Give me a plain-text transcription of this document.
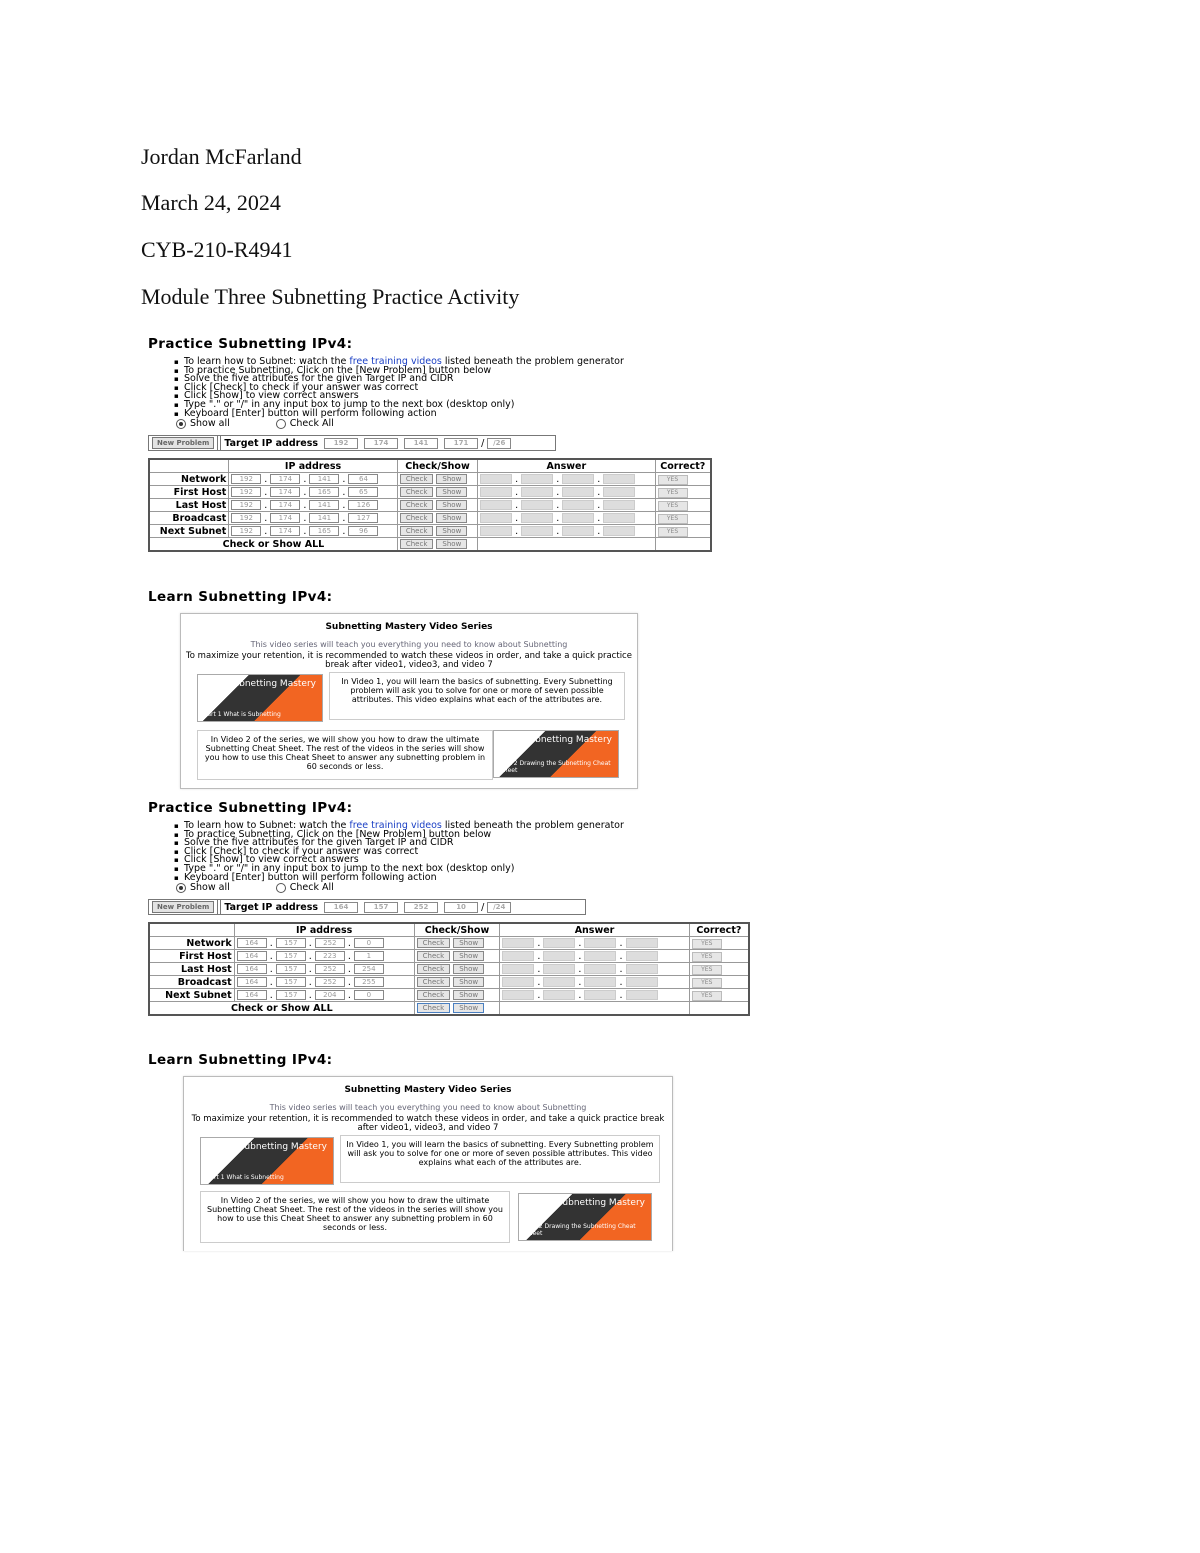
Jordan McFarland
March 24, 2024
CYB-210-R4941
Module Three Subnetting Practice Activity
Practice Subnetting IPv4:
▪ To learn how to Subnet: watch the free training videos listed beneath the problem generator
▪ To practice Subnetting, Click on the [New Problem] button below
▪ Solve the five attributes for the given Target IP and CIDR
▪ Click [Check] to check if your answer was correct
▪ Click [Show] to view correct answers
▪ Type "." or "/" in any input box to jump to the next box (desktop only)
▪ Keyboard [Enter] button will perform following action
Show all	Check All
New Problem	Target IP address	192	174	141	171	/	/26
	IP address	Check/Show	Answer	Correct?
Network	192 . 174 . 141 . 64	Check Show	. . .	YES
First Host	192 . 174 . 165 . 65	Check Show	. . .	YES
Last Host	192 . 174 . 141 . 126	Check Show	. . .	YES
Broadcast	192 . 174 . 141 . 127	Check Show	. . .	YES
Next Subnet	192 . 174 . 165 . 96	Check Show	. . .	YES
Check or Show ALL		Check Show		
Learn Subnetting IPv4:
Subnetting Mastery Video Series
This video series will teach you everything you need to know about Subnetting
To maximize your retention, it is recommended to watch these videos in order, and take a quick practice break after video1, video3, and video 7
Subnetting Mastery
Part 1 What is Subnetting
In Video 1, you will learn the basics of subnetting. Every Subnetting problem will ask you to solve for one or more of seven possible attributes. This video explains what each of the attributes are.
In Video 2 of the series, we will show you how to draw the ultimate Subnetting Cheat Sheet. The rest of the videos in the series will show you how to use this Cheat Sheet to answer any subnetting problem in 60 seconds or less.
Subnetting Mastery
Part 2 Drawing the Subnetting Cheat Sheet
Practice Subnetting IPv4:
▪ To learn how to Subnet: watch the free training videos listed beneath the problem generator
▪ To practice Subnetting, Click on the [New Problem] button below
▪ Solve the five attributes for the given Target IP and CIDR
▪ Click [Check] to check if your answer was correct
▪ Click [Show] to view correct answers
▪ Type "." or "/" in any input box to jump to the next box (desktop only)
▪ Keyboard [Enter] button will perform following action
Show all	Check All
New Problem	Target IP address	164	157	252	10	/	/24
	IP address	Check/Show	Answer	Correct?
Network	164 . 157 . 252 . 0	Check Show	. . .	YES
First Host	164 . 157 . 223 . 1	Check Show	. . .	YES
Last Host	164 . 157 . 252 . 254	Check Show	. . .	YES
Broadcast	164 . 157 . 252 . 255	Check Show	. . .	YES
Next Subnet	164 . 157 . 204 . 0	Check Show	. . .	YES
Check or Show ALL		Check Show		
Learn Subnetting IPv4:
Subnetting Mastery Video Series
This video series will teach you everything you need to know about Subnetting
To maximize your retention, it is recommended to watch these videos in order, and take a quick practice break after video1, video3, and video 7
Subnetting Mastery
Part 1 What is Subnetting
In Video 1, you will learn the basics of subnetting. Every Subnetting problem will ask you to solve for one or more of seven possible attributes. This video explains what each of the attributes are.
In Video 2 of the series, we will show you how to draw the ultimate Subnetting Cheat Sheet. The rest of the videos in the series will show you how to use this Cheat Sheet to answer any subnetting problem in 60 seconds or less.
Subnetting Mastery
Part 2 Drawing the Subnetting Cheat Sheet
